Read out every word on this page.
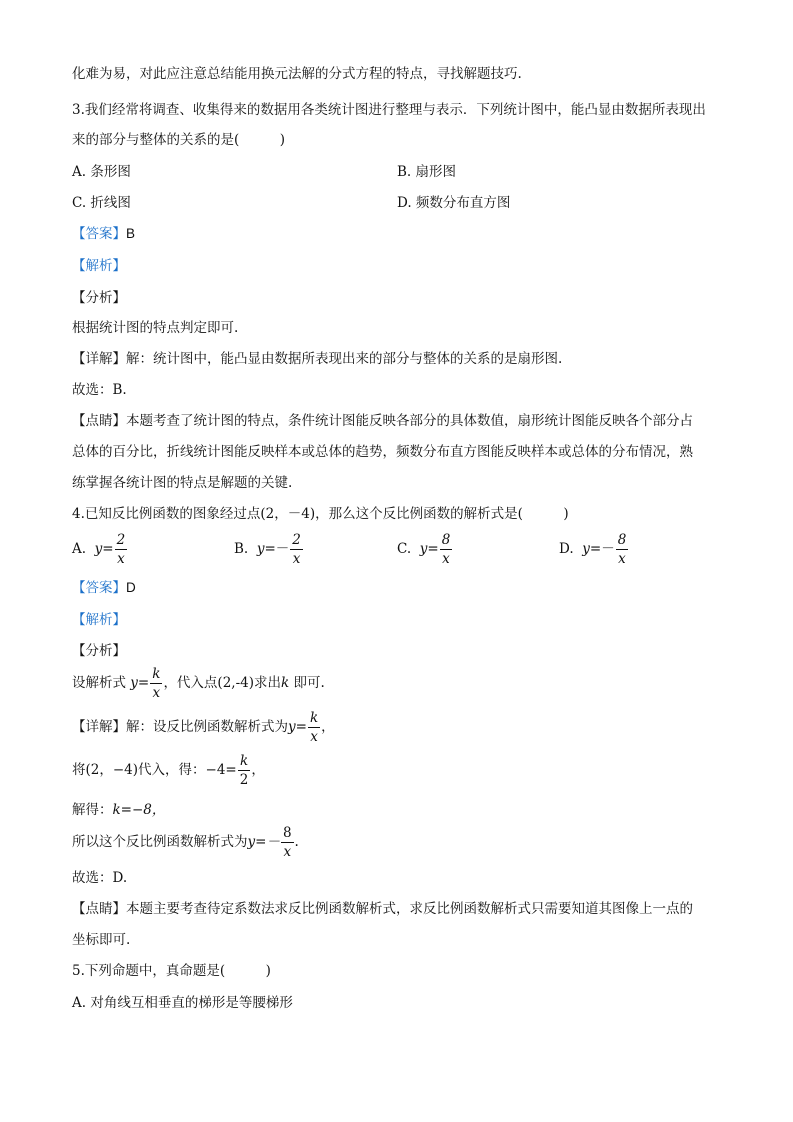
化难为易，对此应注意总结能用换元法解的分式方程的特点，寻找解题技巧.
3.我们经常将调查、收集得来的数据用各类统计图进行整理与表示．下列统计图中，能凸显由数据所表现出
来的部分与整体的关系的是(　　　)
A. 条形图	B. 扇形图
C. 折线图	D. 频数分布直方图
【答案】B
【解析】
【分析】
根据统计图的特点判定即可.
【详解】解：统计图中，能凸显由数据所表现出来的部分与整体的关系的是扇形图.
故选：B.
【点睛】本题考查了统计图的特点，条件统计图能反映各部分的具体数值，扇形统计图能反映各个部分占
总体的百分比，折线统计图能反映样本或总体的趋势，频数分布直方图能反映样本或总体的分布情况，熟
练掌握各统计图的特点是解题的关键.
4.已知反比例函数的图象经过点(2，－4)，那么这个反比例函数的解析式是(　　　)
A. $y= \frac{2}{x}$	B. $y=- \frac{2}{x}$	C. $y= \frac{8}{x}$	D. $y=- \frac{8}{x}$
【答案】D
【解析】
【分析】
设解析式 $y= \frac{k}{x}$ ，代入点(2,-4)求出k 即可.
【详解】解：设反比例函数解析式为$y= \frac{k}{x}$ ，
将(2，−4)代入，得：$-4= \frac{k}{2}$ ，
解得：k=−8，
所以这个反比例函数解析式为$y=- \frac{8}{x}$ .
故选：D.
【点睛】本题主要考查待定系数法求反比例函数解析式，求反比例函数解析式只需要知道其图像上一点的
坐标即可.
5.下列命题中，真命题是(　　　)
A. 对角线互相垂直的梯形是等腰梯形
